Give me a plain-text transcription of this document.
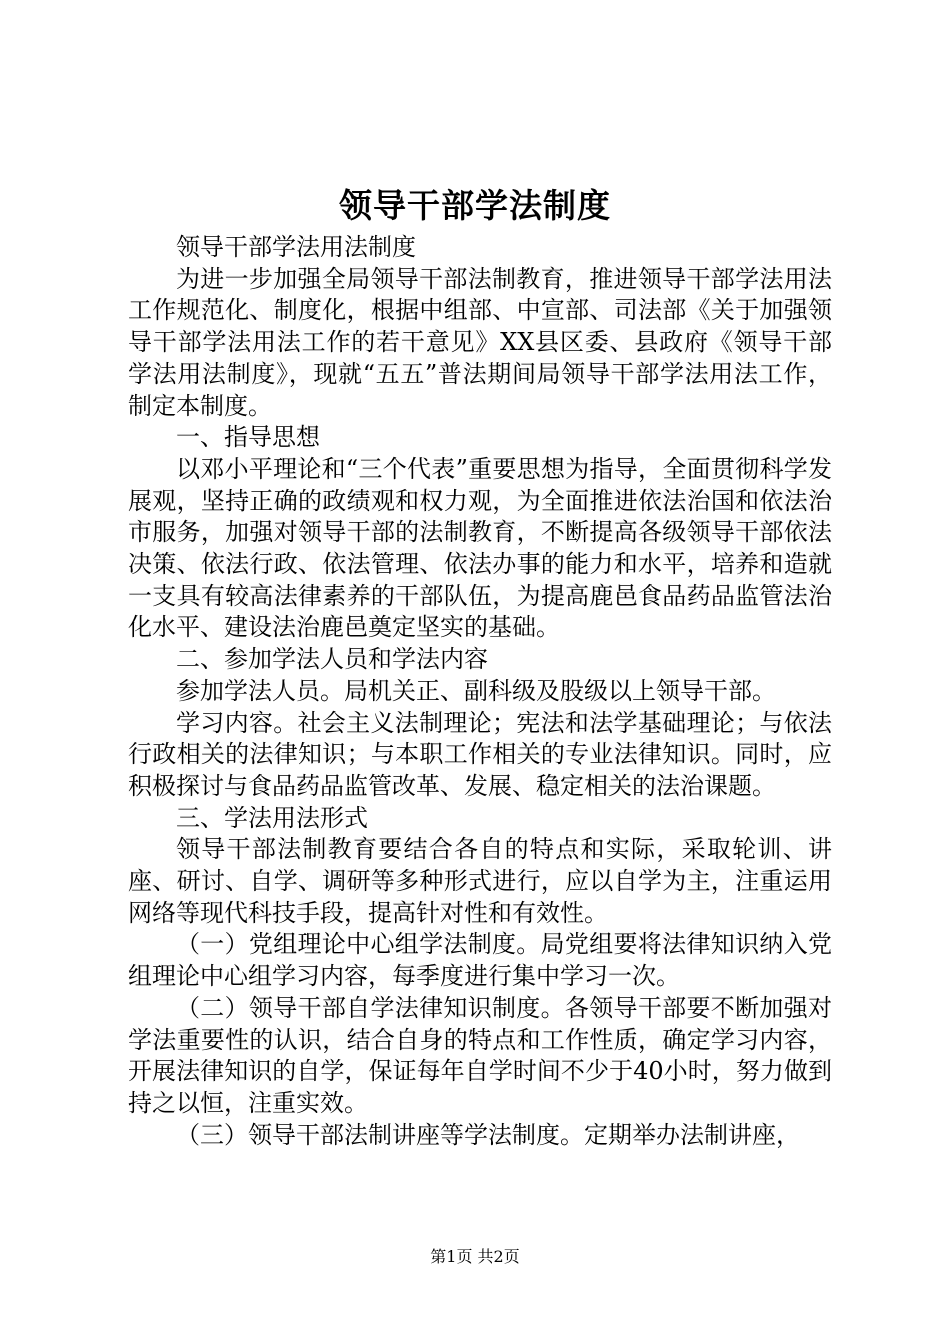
领导干部学法制度

领导干部学法用法制度

为进一步加强全局领导干部法制教育，推进领导干部学法用法工作规范化、制度化，根据中组部、中宣部、司法部《关于加强领导干部学法用法工作的若干意见》XX县区委、县政府《领导干部学法用法制度》，现就“五五”普法期间局领导干部学法用法工作，制定本制度。

一、指导思想

以邓小平理论和“三个代表”重要思想为指导，全面贯彻科学发展观，坚持正确的政绩观和权力观，为全面推进依法治国和依法治市服务，加强对领导干部的法制教育，不断提高各级领导干部依法决策、依法行政、依法管理、依法办事的能力和水平，培养和造就一支具有较高法律素养的干部队伍，为提高鹿邑食品药品监管法治化水平、建设法治鹿邑奠定坚实的基础。

二、参加学法人员和学法内容

参加学法人员。局机关正、副科级及股级以上领导干部。

学习内容。社会主义法制理论；宪法和法学基础理论；与依法行政相关的法律知识；与本职工作相关的专业法律知识。同时，应积极探讨与食品药品监管改革、发展、稳定相关的法治课题。

三、学法用法形式

领导干部法制教育要结合各自的特点和实际，采取轮训、讲座、研讨、自学、调研等多种形式进行，应以自学为主，注重运用网络等现代科技手段，提高针对性和有效性。

（一）党组理论中心组学法制度。局党组要将法律知识纳入党组理论中心组学习内容，每季度进行集中学习一次。

（二）领导干部自学法律知识制度。各领导干部要不断加强对学法重要性的认识，结合自身的特点和工作性质，确定学习内容，开展法律知识的自学，保证每年自学时间不少于40小时，努力做到持之以恒，注重实效。

（三）领导干部法制讲座等学法制度。定期举办法制讲座，

第1页 共2页
